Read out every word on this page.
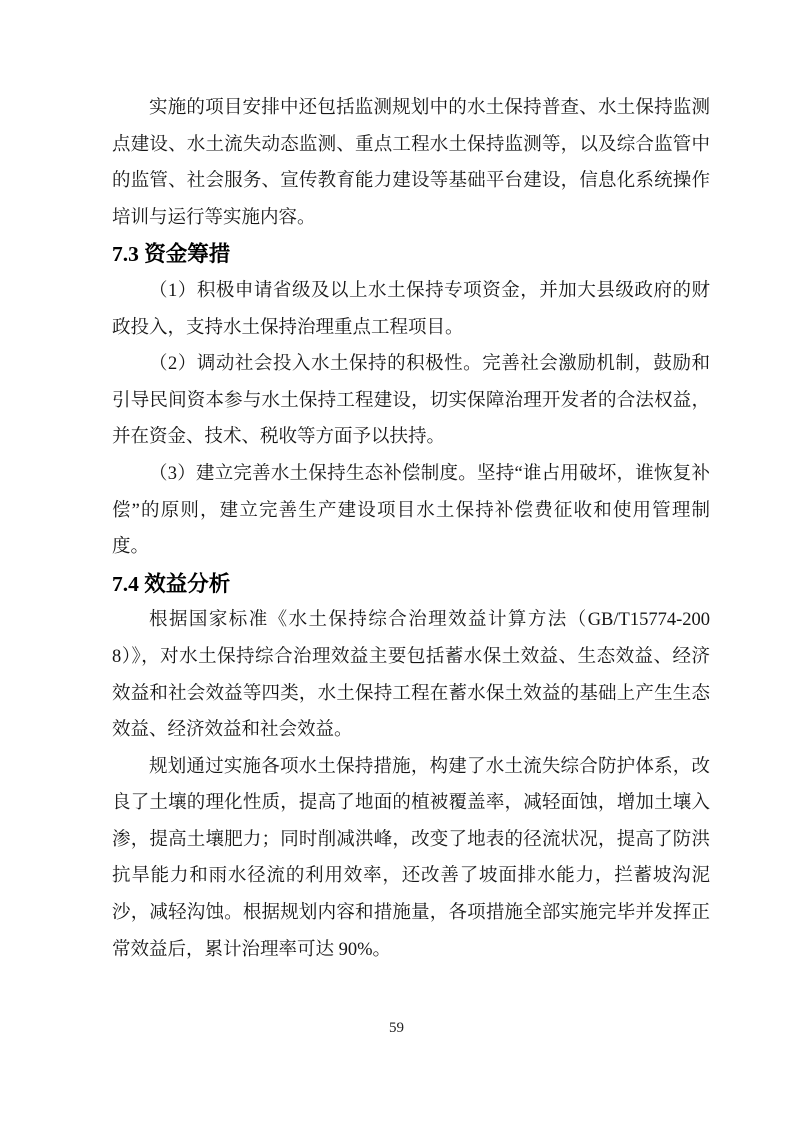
实施的项目安排中还包括监测规划中的水土保持普查、水土保持监测点建设、水土流失动态监测、重点工程水土保持监测等，以及综合监管中的监管、社会服务、宣传教育能力建设等基础平台建设，信息化系统操作培训与运行等实施内容。

7.3 资金筹措

（1）积极申请省级及以上水土保持专项资金，并加大县级政府的财政投入，支持水土保持治理重点工程项目。

（2）调动社会投入水土保持的积极性。完善社会激励机制，鼓励和引导民间资本参与水土保持工程建设，切实保障治理开发者的合法权益，并在资金、技术、税收等方面予以扶持。

（3）建立完善水土保持生态补偿制度。坚持“谁占用破坏，谁恢复补偿”的原则，建立完善生产建设项目水土保持补偿费征收和使用管理制度。

7.4 效益分析

根据国家标准《水土保持综合治理效益计算方法（GB/T15774-2008）》，对水土保持综合治理效益主要包括蓄水保土效益、生态效益、经济效益和社会效益等四类，水土保持工程在蓄水保土效益的基础上产生生态效益、经济效益和社会效益。

规划通过实施各项水土保持措施，构建了水土流失综合防护体系，改良了土壤的理化性质，提高了地面的植被覆盖率，减轻面蚀，增加土壤入渗，提高土壤肥力；同时削减洪峰，改变了地表的径流状况，提高了防洪抗旱能力和雨水径流的利用效率，还改善了坡面排水能力，拦蓄坡沟泥沙，减轻沟蚀。根据规划内容和措施量，各项措施全部实施完毕并发挥正常效益后，累计治理率可达 90%。

59
